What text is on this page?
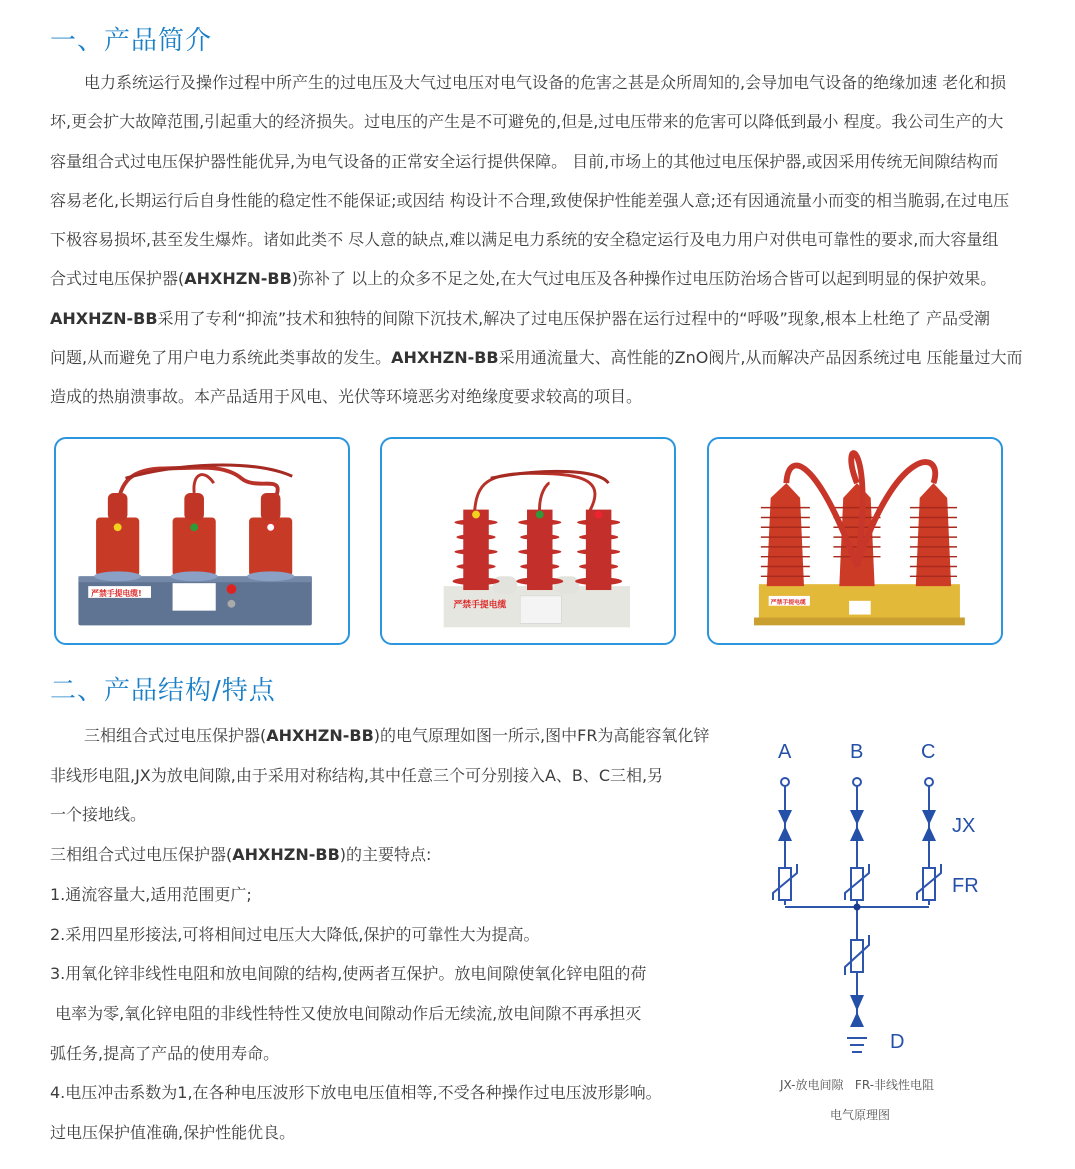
一、产品简介
电力系统运行及操作过程中所产生的过电压及大气过电压对电气设备的危害之甚是众所周知的,会导加电气设备的绝缘加速 老化和损
坏,更会扩大故障范围,引起重大的经济损失。过电压的产生是不可避免的,但是,过电压带来的危害可以降低到最小 程度。我公司生产的大
容量组合式过电压保护器性能优异,为电气设备的正常安全运行提供保障。 目前,市场上的其他过电压保护器,或因采用传统无间隙结构而
容易老化,长期运行后自身性能的稳定性不能保证;或因结 构设计不合理,致使保护性能差强人意;还有因通流量小而变的相当脆弱,在过电压
下极容易损坏,甚至发生爆炸。诸如此类不 尽人意的缺点,难以满足电力系统的安全稳定运行及电力用户对供电可靠性的要求,而大容量组
合式过电压保护器(AHXHZN-BB)弥补了 以上的众多不足之处,在大气过电压及各种操作过电压防治场合皆可以起到明显的保护效果。
AHXHZN-BB采用了专利“抑流”技术和独特的间隙下沉技术,解决了过电压保护器在运行过程中的“呼吸”现象,根本上杜绝了 产品受潮
问题,从而避免了用户电力系统此类事故的发生。AHXHZN-BB采用通流量大、高性能的ZnO阀片,从而解决产品因系统过电 压能量过大而
造成的热崩溃事故。本产品适用于风电、光伏等环境恶劣对绝缘度要求较高的项目。
严禁手提电缆!
严禁手提电缆	严禁手提电缆
二、产品结构/特点
三相组合式过电压保护器(AHXHZN-BB)的电气原理如图一所示,图中FR为高能容氧化锌
非线形电阻,JX为放电间隙,由于采用对称结构,其中任意三个可分别接入A、B、C三相,另
一个接地线。
三相组合式过电压保护器(AHXHZN-BB)的主要特点:
1.通流容量大,适用范围更广;
2.采用四星形接法,可将相间过电压大大降低,保护的可靠性大为提高。
3.用氧化锌非线性电阻和放电间隙的结构,使两者互保护。放电间隙使氧化锌电阻的荷
电率为零,氧化锌电阻的非线性特性又使放电间隙动作后无续流,放电间隙不再承担灭
弧任务,提高了产品的使用寿命。
4.电压冲击系数为1,在各种电压波形下放电电压值相等,不受各种操作过电压波形影响。
过电压保护值准确,保护性能优良。
A	B	C
JX
FR
D
JX-放电间隙   FR-非线性电阻
电气原理图
